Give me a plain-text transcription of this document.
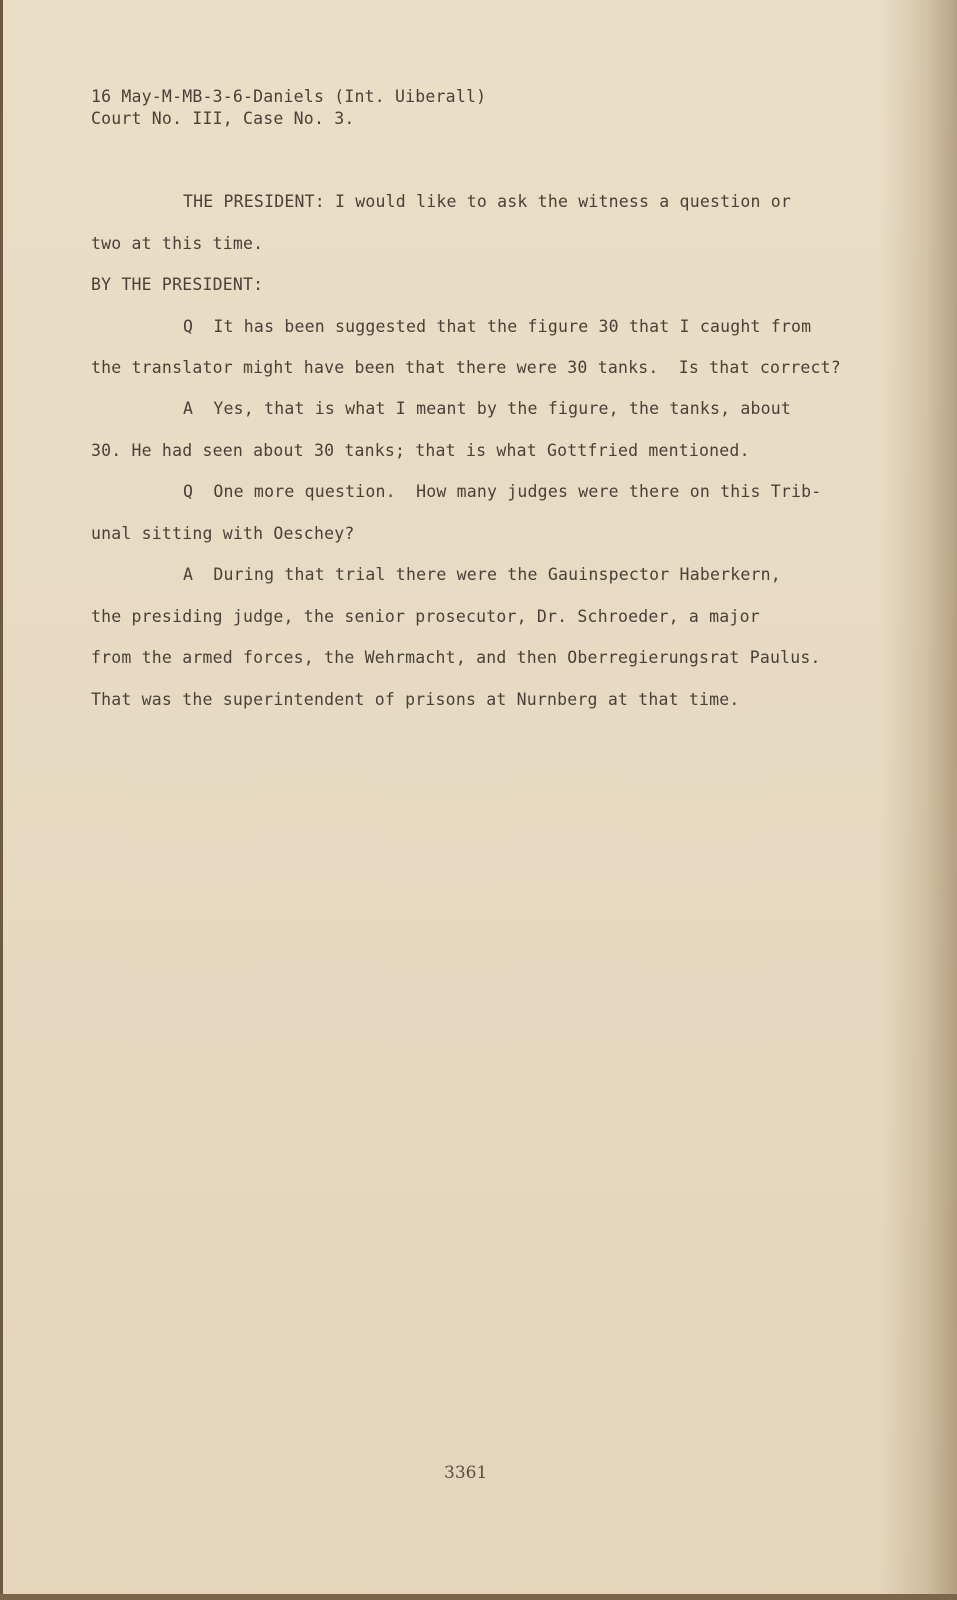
16 May-M-MB-3-6-Daniels (Int. Uiberall)
Court No. III, Case No. 3.
THE PRESIDENT: I would like to ask the witness a question or
two at this time.
BY THE PRESIDENT:
Q  It has been suggested that the figure 30 that I caught from
the translator might have been that there were 30 tanks.  Is that correct?
A  Yes, that is what I meant by the figure, the tanks, about
30. He had seen about 30 tanks; that is what Gottfried mentioned.
Q  One more question.  How many judges were there on this Trib-
unal sitting with Oeschey?
A  During that trial there were the Gauinspector Haberkern,
the presiding judge, the senior prosecutor, Dr. Schroeder, a major
from the armed forces, the Wehrmacht, and then Oberregierungsrat Paulus.
That was the superintendent of prisons at Nurnberg at that time.
3361
